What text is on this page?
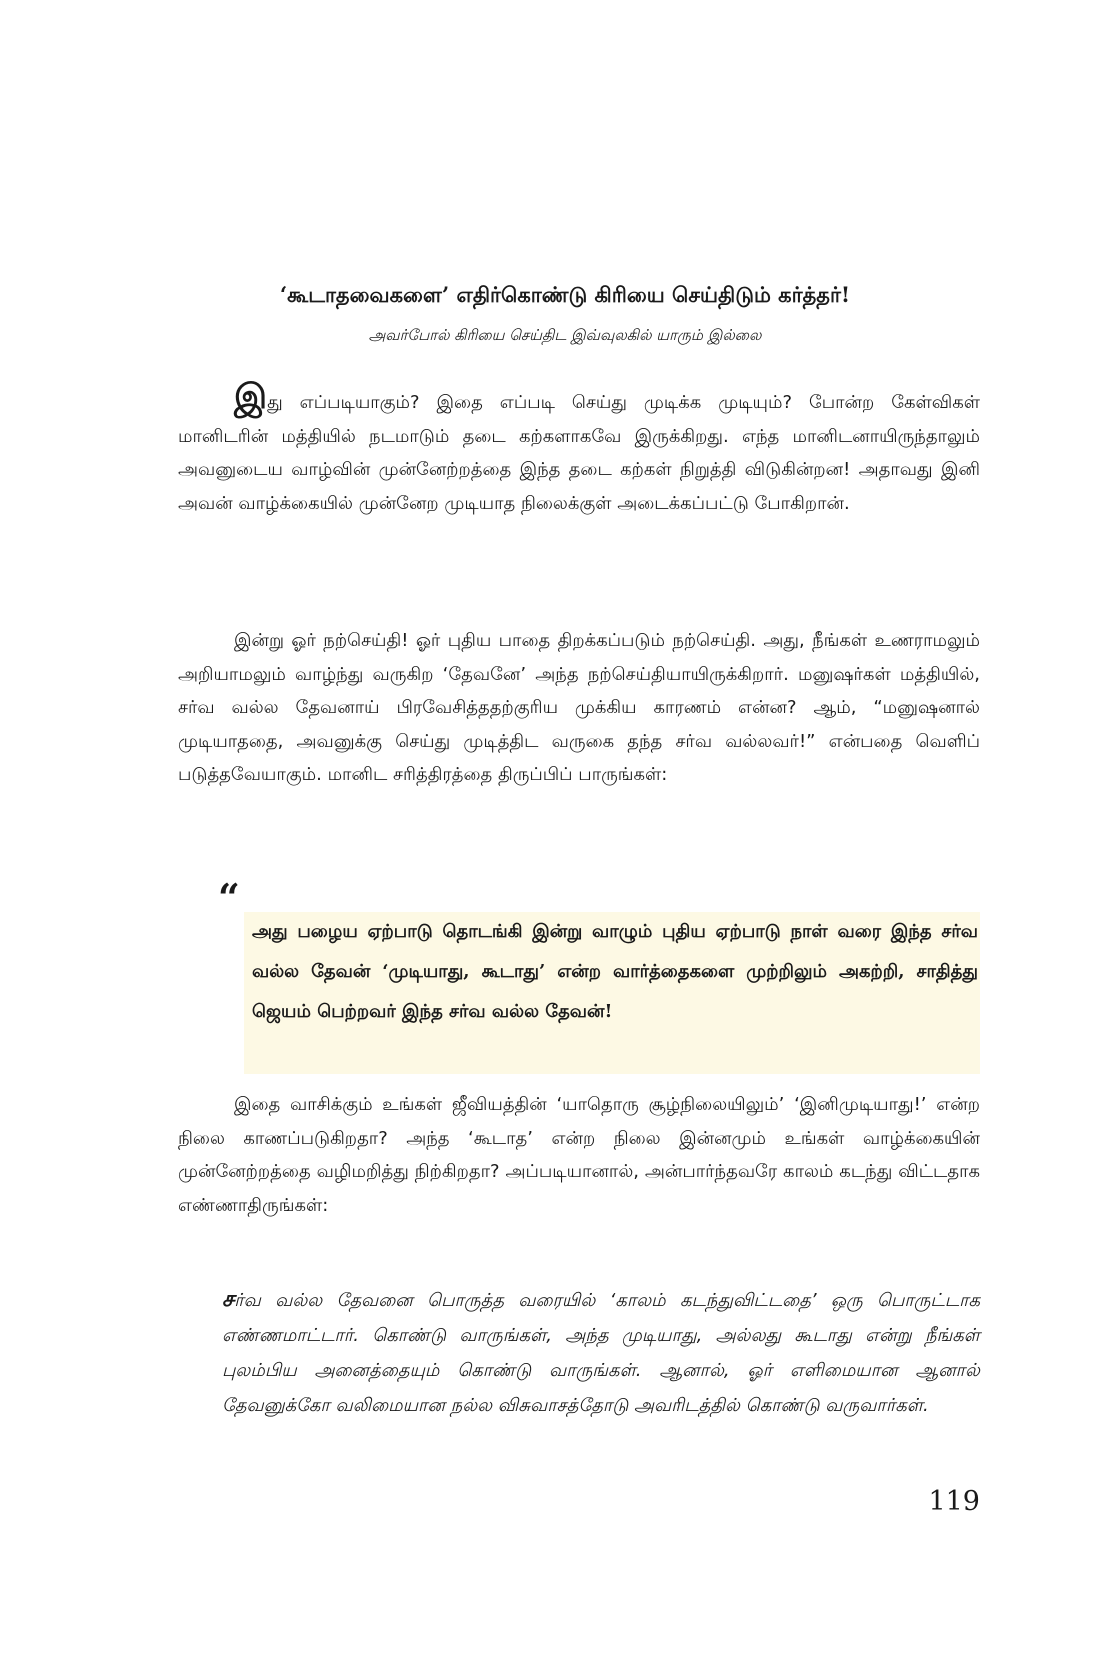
‘கூடாதவைகளை’ எதிர்கொண்டு கிரியை செய்திடும் கர்த்தர்!
அவர்போல் கிரியை செய்திட இவ்வுலகில் யாரும் இல்லை

இது எப்படியாகும்? இதை எப்படி செய்து முடிக்க முடியும்? போன்ற கேள்விகள் மானிடரின் மத்தியில் நடமாடும் தடை கற்களாகவே இருக்கிறது. எந்த மானிடனாயிருந்தாலும் அவனுடைய வாழ்வின் முன்னேற்றத்தை இந்த தடை கற்கள் நிறுத்தி விடுகின்றன! அதாவது இனி அவன் வாழ்க்கையில் முன்னேற முடியாத நிலைக்குள் அடைக்கப்பட்டு போகிறான்.

இன்று ஓர் நற்செய்தி! ஓர் புதிய பாதை திறக்கப்படும் நற்செய்தி. அது, நீங்கள் உணராமலும் அறியாமலும் வாழ்ந்து வருகிற ‘தேவனே’ அந்த நற்செய்தியாயிருக்கிறார். மனுஷர்கள் மத்தியில், சர்வ வல்ல தேவனாய் பிரவேசித்ததற்குரிய முக்கிய காரணம் என்ன? ஆம், “மனுஷனால் முடியாததை, அவனுக்கு செய்து முடித்திட வருகை தந்த சர்வ வல்லவர்!” என்பதை வெளிப் படுத்தவேயாகும். மானிட சரித்திரத்தை திருப்பிப் பாருங்கள்:

“
அது பழைய ஏற்பாடு தொடங்கி இன்று வாழும் புதிய ஏற்பாடு நாள் வரை இந்த சர்வ வல்ல தேவன் ‘முடியாது, கூடாது’ என்ற வார்த்தைகளை முற்றிலும் அகற்றி, சாதித்து ஜெயம் பெற்றவர் இந்த சர்வ வல்ல தேவன்!

இதை வாசிக்கும் உங்கள் ஜீவியத்தின் ‘யாதொரு சூழ்நிலையிலும்’ ‘இனிமுடியாது!’ என்ற நிலை காணப்படுகிறதா? அந்த ‘கூடாத’ என்ற நிலை இன்னமும் உங்கள் வாழ்க்கையின் முன்னேற்றத்தை வழிமறித்து நிற்கிறதா? அப்படியானால், அன்பார்ந்தவரே காலம் கடந்து விட்டதாக எண்ணாதிருங்கள்:

சர்வ வல்ல தேவனை பொருத்த வரையில் ‘காலம் கடந்துவிட்டதை’ ஒரு பொருட்டாக எண்ணமாட்டார். கொண்டு வாருங்கள், அந்த முடியாது, அல்லது கூடாது என்று நீங்கள் புலம்பிய அனைத்தையும் கொண்டு வாருங்கள். ஆனால், ஓர் எளிமையான ஆனால் தேவனுக்கோ வலிமையான நல்ல விசுவாசத்தோடு அவரிடத்தில் கொண்டு வருவார்கள்.
119
